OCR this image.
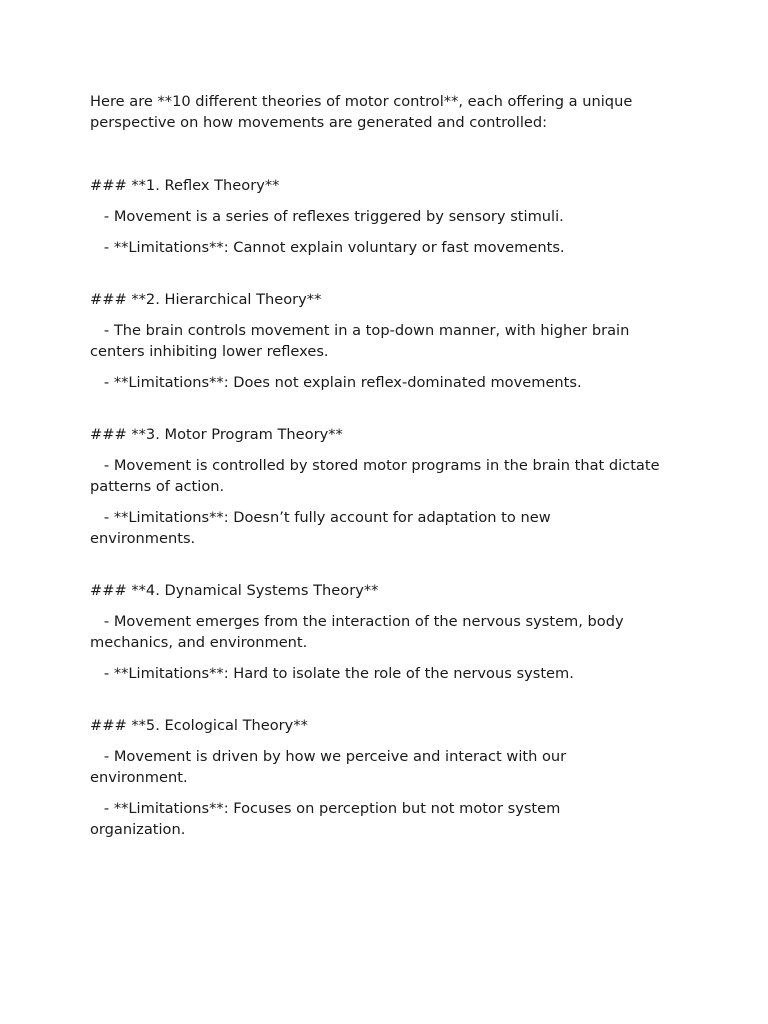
Here are **10 different theories of motor control**, each offering a unique perspective on how movements are generated and controlled:

### **1. Reflex Theory**

- Movement is a series of reflexes triggered by sensory stimuli.

- **Limitations**: Cannot explain voluntary or fast movements.

### **2. Hierarchical Theory**

- The brain controls movement in a top-down manner, with higher brain centers inhibiting lower reflexes.

- **Limitations**: Does not explain reflex-dominated movements.

### **3. Motor Program Theory**

- Movement is controlled by stored motor programs in the brain that dictate patterns of action.

- **Limitations**: Doesn’t fully account for adaptation to new environments.

### **4. Dynamical Systems Theory**

- Movement emerges from the interaction of the nervous system, body mechanics, and environment.

- **Limitations**: Hard to isolate the role of the nervous system.

### **5. Ecological Theory**

- Movement is driven by how we perceive and interact with our environment.

- **Limitations**: Focuses on perception but not motor system organization.
